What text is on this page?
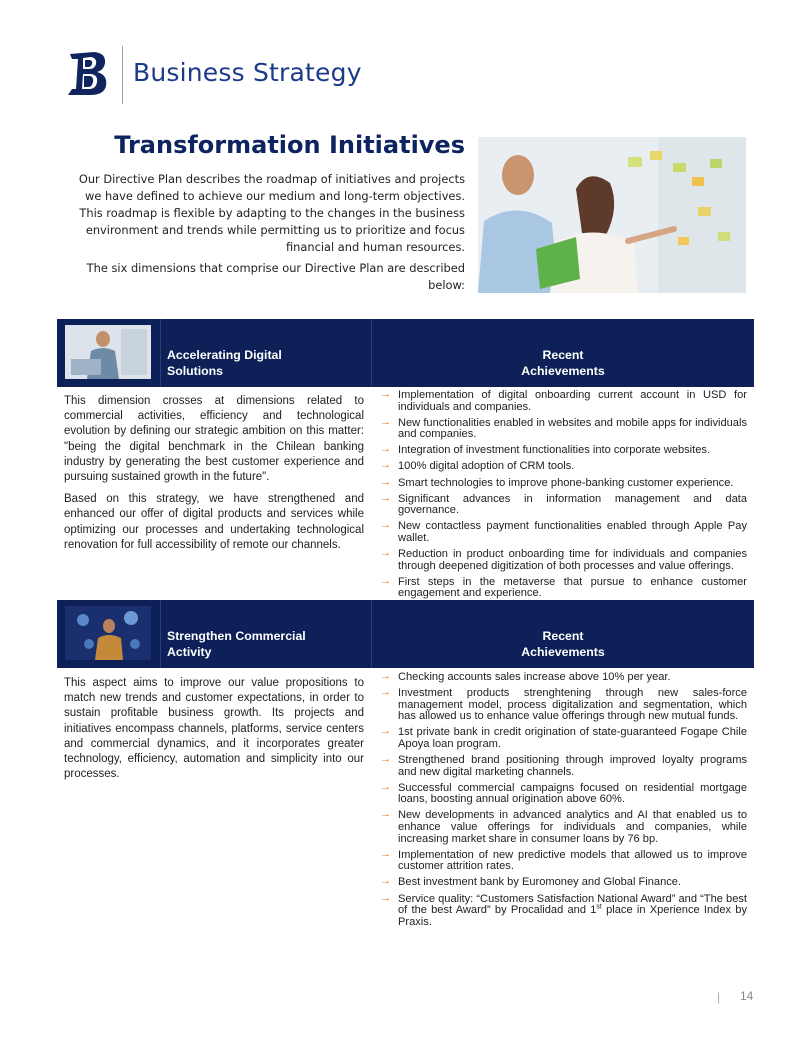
Business Strategy
Transformation Initiatives

Our Directive Plan describes the roadmap of initiatives and projects we have defined to achieve our medium and long-term objectives. This roadmap is flexible by adapting to the changes in the business environment and trends while permitting us to prioritize and focus financial and human resources.

The six dimensions that comprise our Directive Plan are described below:

Accelerating Digital
Solutions
Recent
Achievements

This dimension crosses at dimensions related to commercial activities, efficiency and technological evolution by defining our strategic ambition on this matter: "being the digital benchmark in the Chilean banking industry by generating the best customer experience and pursuing sustained growth in the future".

Based on this strategy, we have strengthened and enhanced our offer of digital products and services while optimizing our processes and undertaking technological renovation for full accessibility of remote our channels.

→ Implementation of digital onboarding current account in USD for individuals and companies.
→ New functionalities enabled in websites and mobile apps for individuals and companies.
→ Integration of investment functionalities into corporate websites.
→ 100% digital adoption of CRM tools.
→ Smart technologies to improve phone-banking customer experience.
→ Significant advances in information management and data governance.
→ New contactless payment functionalities enabled through Apple Pay wallet.
→ Reduction in product onboarding time for individuals and companies through deepened digitization of both processes and value offerings.
→ First steps in the metaverse that pursue to enhance customer engagement and experience.
Strengthen Commercial
Activity
Recent
Achievements

This aspect aims to improve our value propositions to match new trends and customer expectations, in order to sustain profitable business growth. Its projects and initiatives encompass channels, platforms, service centers and commercial dynamics, and it incorporates greater technology, efficiency, automation and simplicity into our processes.

→ Checking accounts sales increase above 10% per year.
→ Investment products strenghtening through new sales-force management model, process digitalization and segmentation, which has allowed us to enhance value offerings through new mutual funds.
→ 1st private bank in credit origination of state-guaranteed Fogape Chile Apoya loan program.
→ Strengthened brand positioning through improved loyalty programs and new digital marketing channels.
→ Successful commercial campaigns focused on residential mortgage loans, boosting annual origination above 60%.
→ New developments in advanced analytics and AI that enabled us to enhance value offerings for individuals and companies, while increasing market share in consumer loans by 76 bp.
→ Implementation of new predictive models that allowed us to improve customer attrition rates.
→ Best investment bank by Euromoney and Global Finance.
→ Service quality: “Customers Satisfaction National Award” and “The best of the best Award” by Procalidad and 1st place in Xperience Index by Praxis.
| 14
